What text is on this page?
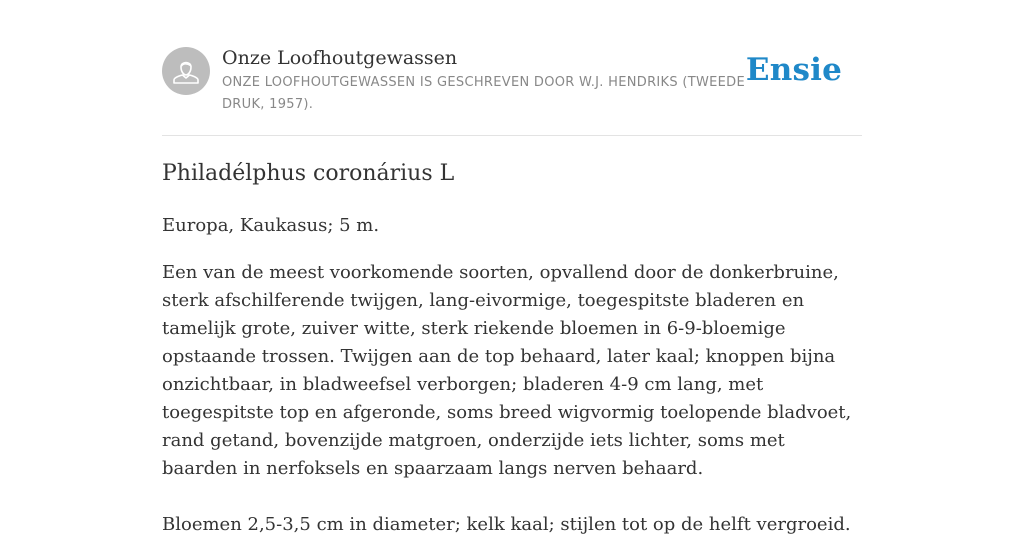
Onze Loofhoutgewassen
ONZE LOOFHOUTGEWASSEN IS GESCHREVEN DOOR W.J. HENDRIKS (TWEEDE DRUK, 1957).
Ensie
Philadélphus coronárius L

Europa, Kaukasus; 5 m.

Een van de meest voorkomende soorten, opvallend door de donkerbruine, sterk afschilferende twijgen, lang-eivormige, toegespitste bladeren en tamelijk grote, zuiver witte, sterk riekende bloemen in 6-9-bloemige opstaande trossen. Twijgen aan de top behaard, later kaal; knoppen bijna onzichtbaar, in bladweefsel verborgen; bladeren 4-9 cm lang, met toegespitste top en afgeronde, soms breed wigvormig toelopende bladvoet, rand getand, bovenzijde matgroen, onderzijde iets lichter, soms met baarden in nerfoksels en spaarzaam langs nerven behaard.

Bloemen 2,5-3,5 cm in diameter; kelk kaal; stijlen tot op de helft vergroeid.
